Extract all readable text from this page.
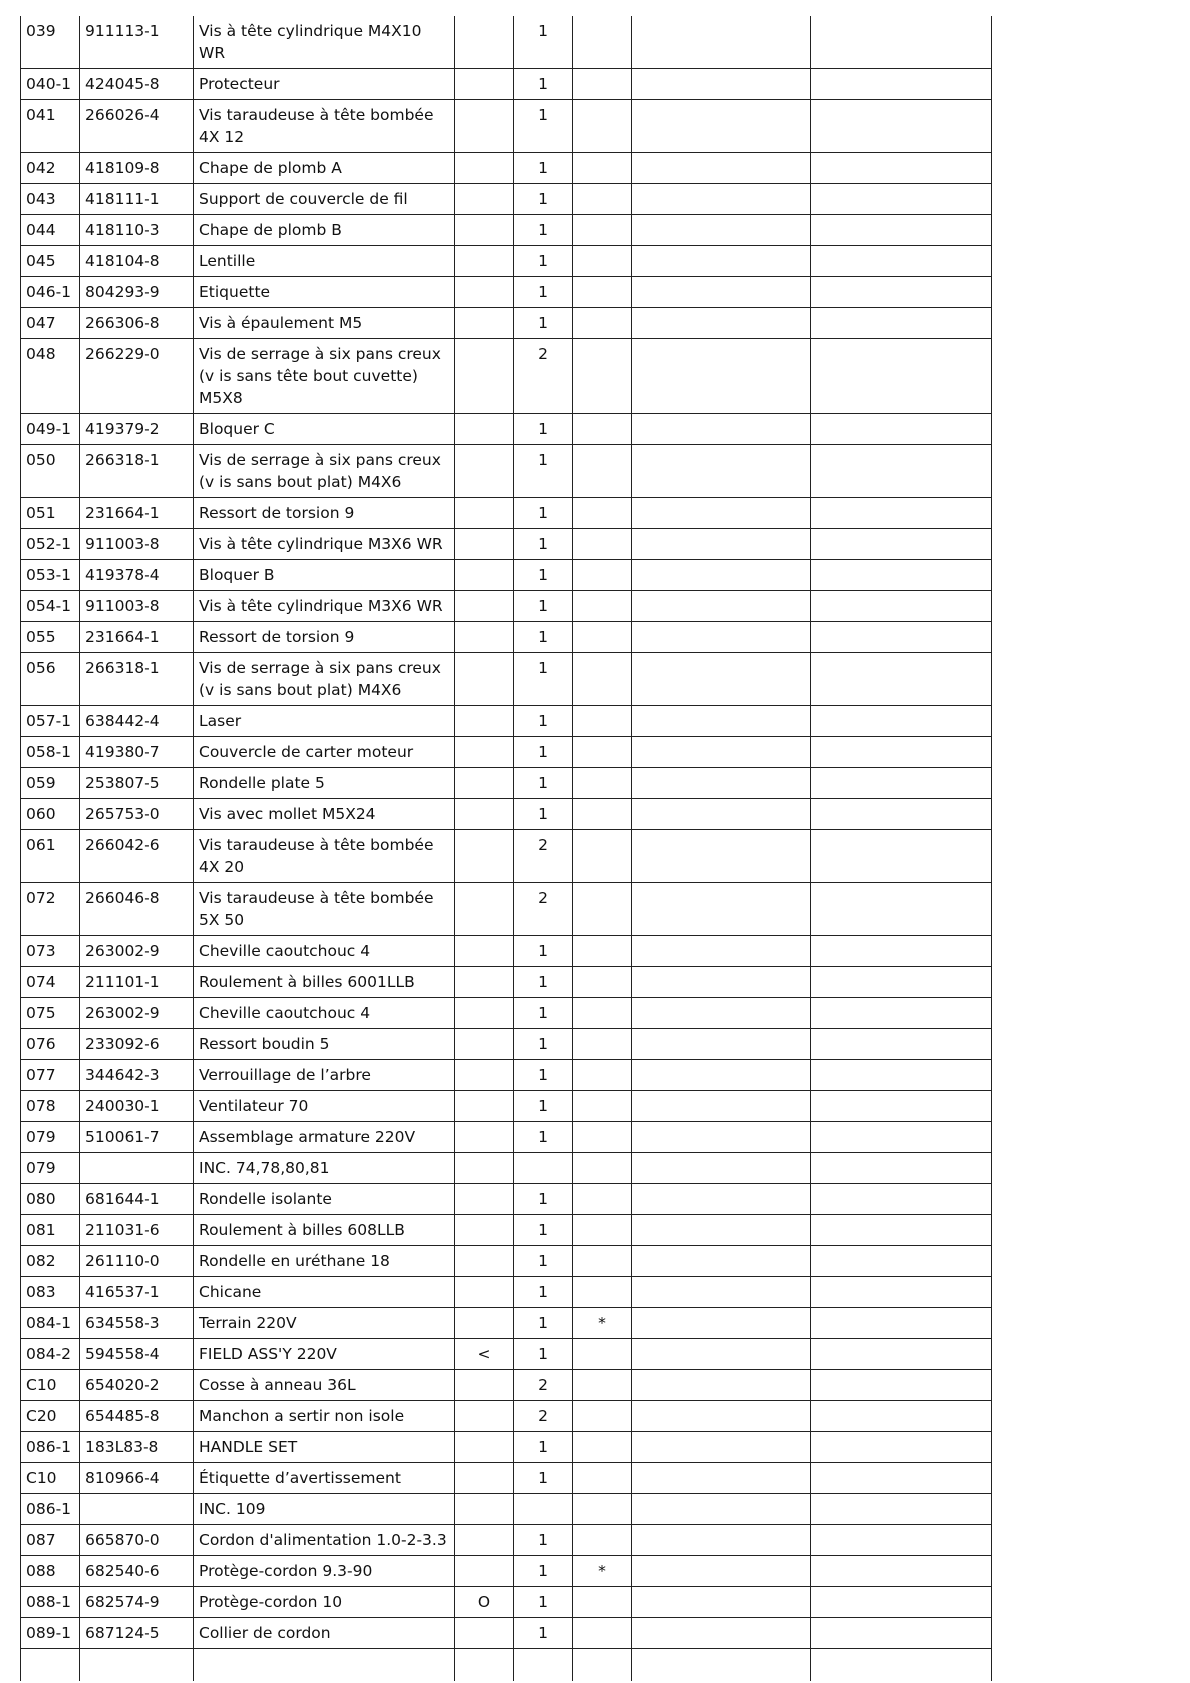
039	911113-1	Vis à tête cylindrique M4X10 WR		1			
040-1	424045-8	Protecteur		1			
041	266026-4	Vis taraudeuse à tête bombée 4X 12		1			
042	418109-8	Chape de plomb A		1			
043	418111-1	Support de couvercle de fil		1			
044	418110-3	Chape de plomb B		1			
045	418104-8	Lentille		1			
046-1	804293-9	Etiquette		1			
047	266306-8	Vis à épaulement M5		1			
048	266229-0	Vis de serrage à six pans creux (v is sans tête bout cuvette) M5X8		2			
049-1	419379-2	Bloquer C		1			
050	266318-1	Vis de serrage à six pans creux (v is sans bout plat) M4X6		1			
051	231664-1	Ressort de torsion 9		1			
052-1	911003-8	Vis à tête cylindrique M3X6 WR		1			
053-1	419378-4	Bloquer B		1			
054-1	911003-8	Vis à tête cylindrique M3X6 WR		1			
055	231664-1	Ressort de torsion 9		1			
056	266318-1	Vis de serrage à six pans creux (v is sans bout plat) M4X6		1			
057-1	638442-4	Laser		1			
058-1	419380-7	Couvercle de carter moteur		1			
059	253807-5	Rondelle plate 5		1			
060	265753-0	Vis avec mollet M5X24		1			
061	266042-6	Vis taraudeuse à tête bombée 4X 20		2			
072	266046-8	Vis taraudeuse à tête bombée 5X 50		2			
073	263002-9	Cheville caoutchouc 4		1			
074	211101-1	Roulement à billes 6001LLB		1			
075	263002-9	Cheville caoutchouc 4		1			
076	233092-6	Ressort boudin 5		1			
077	344642-3	Verrouillage de l’arbre		1			
078	240030-1	Ventilateur 70		1			
079	510061-7	Assemblage armature 220V		1			
079		INC. 74,78,80,81					
080	681644-1	Rondelle isolante		1			
081	211031-6	Roulement à billes 608LLB		1			
082	261110-0	Rondelle en uréthane 18		1			
083	416537-1	Chicane		1			
084-1	634558-3	Terrain 220V		1	*		
084-2	594558-4	FIELD ASS'Y 220V	<	1			
C10	654020-2	Cosse à anneau 36L		2			
C20	654485-8	Manchon a sertir non isole		2			
086-1	183L83-8	HANDLE SET		1			
C10	810966-4	Étiquette d’avertissement		1			
086-1		INC. 109					
087	665870-0	Cordon d'alimentation 1.0-2-3.3		1			
088	682540-6	Protège-cordon 9.3-90		1	*		
088-1	682574-9	Protège-cordon 10	O	1			
089-1	687124-5	Collier de cordon		1			
